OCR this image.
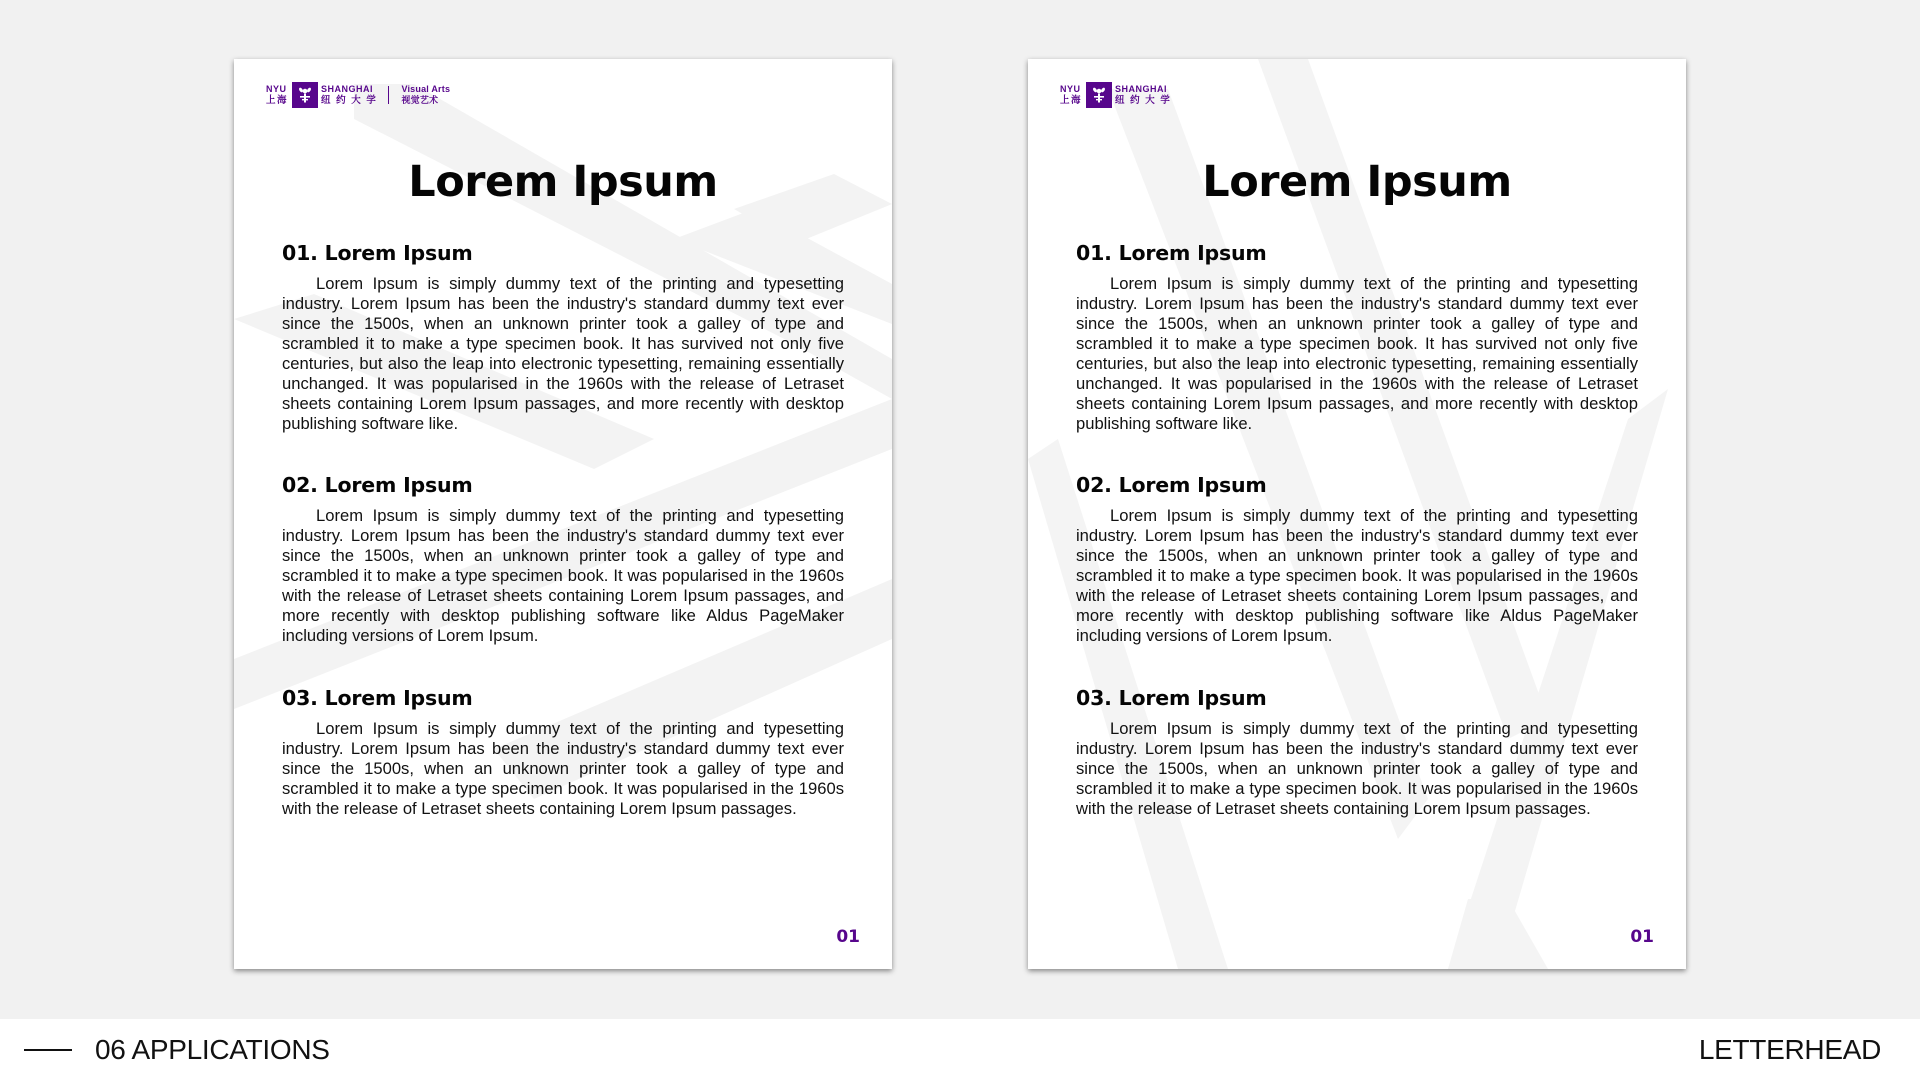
NYU
上海
SHANGHAI
纽 约 大 学
Visual Arts
视觉艺术
Lorem Ipsum
01. Lorem Ipsum
Lorem Ipsum is simply dummy text of the printing and typesetting industry. Lorem Ipsum has been the industry's standard dummy text ever since the 1500s, when an unknown printer took a galley of type and scrambled it to make a type specimen book. It has survived not only five centuries, but also the leap into electronic typesetting, remaining essentially unchanged. It was popularised in the 1960s with the release of Letraset sheets containing Lorem Ipsum passages, and more recently with desktop publishing software like.
02. Lorem Ipsum
Lorem Ipsum is simply dummy text of the printing and typesetting industry. Lorem Ipsum has been the industry's standard dummy text ever since the 1500s, when an unknown printer took a galley of type and scrambled it to make a type specimen book. It was popularised in the 1960s with the release of Letraset sheets containing Lorem Ipsum passages, and more recently with desktop publishing software like Aldus PageMaker including versions of Lorem Ipsum.
03. Lorem Ipsum
Lorem Ipsum is simply dummy text of the printing and typesetting industry. Lorem Ipsum has been the industry's standard dummy text ever since the 1500s, when an unknown printer took a galley of type and scrambled it to make a type specimen book. It was popularised in the 1960s with the release of Letraset sheets containing Lorem Ipsum passages.
01
NYU
上海
SHANGHAI
纽 约 大 学
Lorem Ipsum
01. Lorem Ipsum
Lorem Ipsum is simply dummy text of the printing and typesetting industry. Lorem Ipsum has been the industry's standard dummy text ever since the 1500s, when an unknown printer took a galley of type and scrambled it to make a type specimen book. It has survived not only five centuries, but also the leap into electronic typesetting, remaining essentially unchanged. It was popularised in the 1960s with the release of Letraset sheets containing Lorem Ipsum passages, and more recently with desktop publishing software like.
02. Lorem Ipsum
Lorem Ipsum is simply dummy text of the printing and typesetting industry. Lorem Ipsum has been the industry's standard dummy text ever since the 1500s, when an unknown printer took a galley of type and scrambled it to make a type specimen book. It was popularised in the 1960s with the release of Letraset sheets containing Lorem Ipsum passages, and more recently with desktop publishing software like Aldus PageMaker including versions of Lorem Ipsum.
03. Lorem Ipsum
Lorem Ipsum is simply dummy text of the printing and typesetting industry. Lorem Ipsum has been the industry's standard dummy text ever since the 1500s, when an unknown printer took a galley of type and scrambled it to make a type specimen book. It was popularised in the 1960s with the release of Letraset sheets containing Lorem Ipsum passages.
01
06 APPLICATIONS	LETTERHEAD
